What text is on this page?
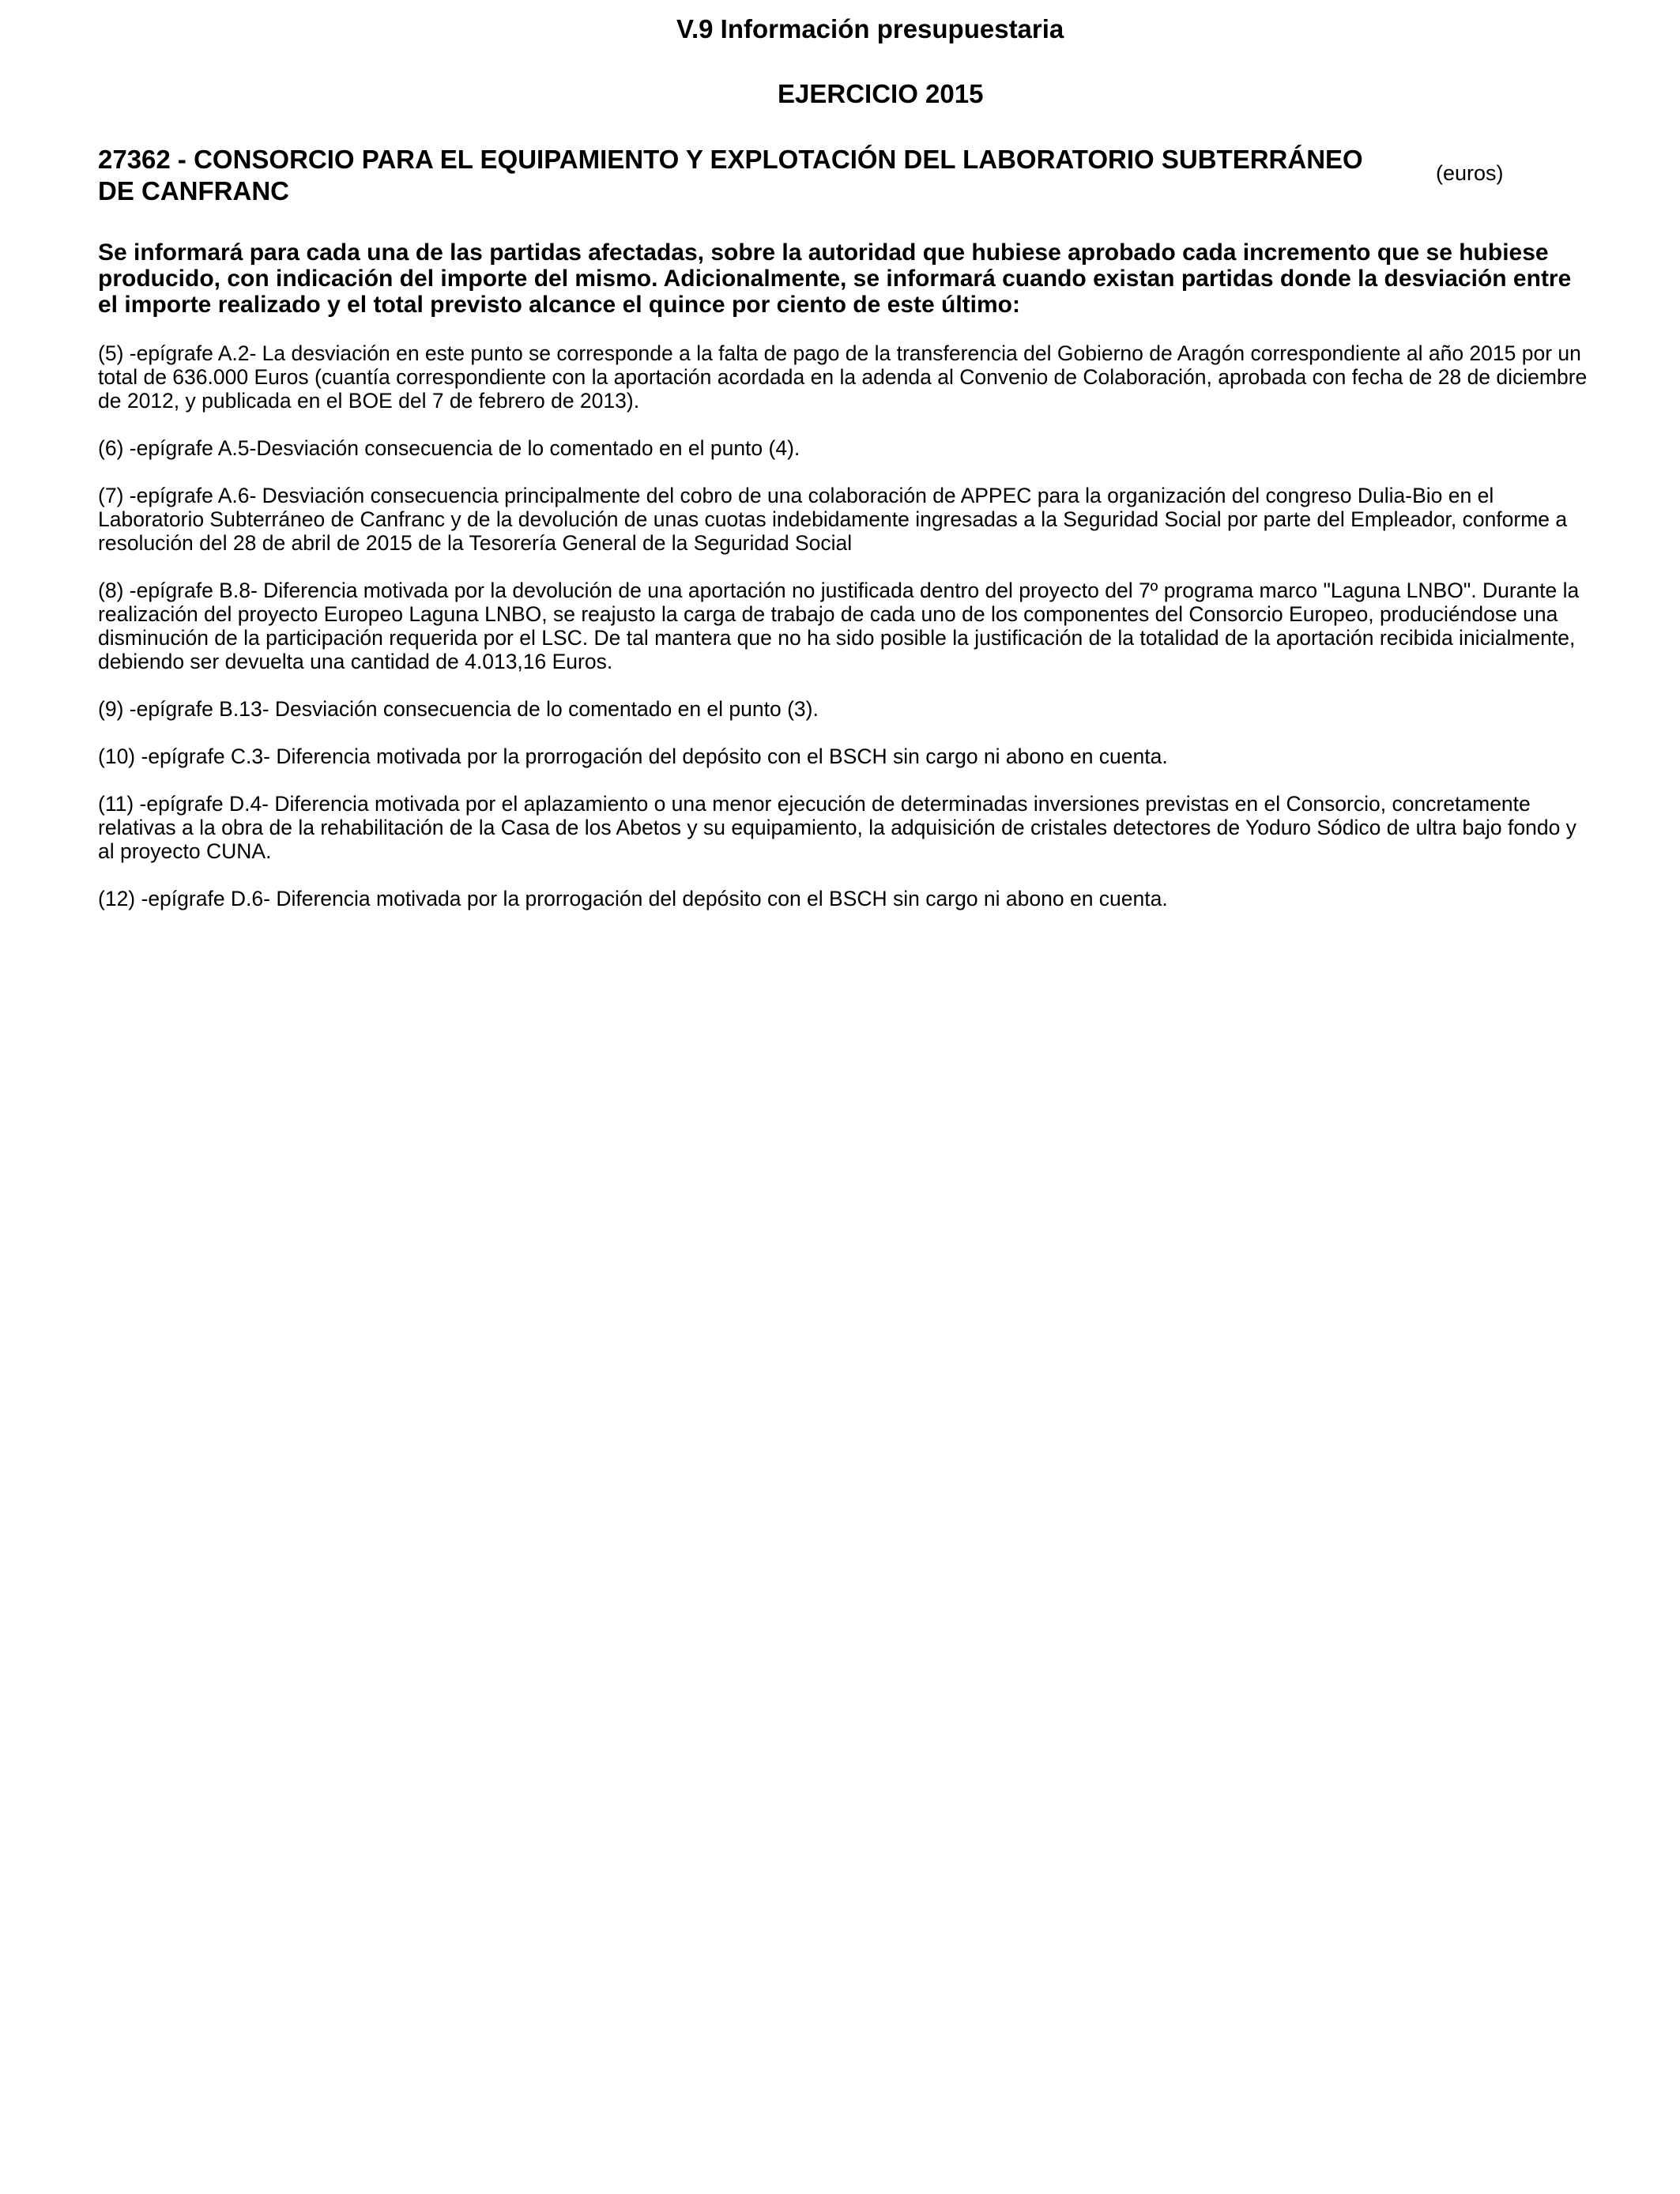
V.9 Información presupuestaria
EJERCICIO 2015
27362 - CONSORCIO PARA EL EQUIPAMIENTO Y EXPLOTACIÓN DEL LABORATORIO SUBTERRÁNEO DE CANFRANC
(euros)
Se informará para cada una de las partidas afectadas, sobre la autoridad que hubiese aprobado cada incremento que se hubiese producido, con indicación del importe del mismo. Adicionalmente, se informará cuando existan partidas donde la desviación entre el importe realizado y el total previsto alcance el quince por ciento de este último:

(5) -epígrafe A.2- La desviación en este punto se corresponde a la falta de pago de la transferencia del Gobierno de Aragón correspondiente al año 2015 por un total de 636.000 Euros (cuantía correspondiente con la aportación acordada en la adenda al Convenio de Colaboración, aprobada con fecha de 28 de diciembre de 2012, y publicada en el BOE del 7 de febrero de 2013).

(6) -epígrafe A.5-Desviación consecuencia de lo comentado en el punto (4).

(7) -epígrafe A.6- Desviación consecuencia principalmente del cobro de una colaboración de APPEC para la organización del congreso Dulia-Bio en el Laboratorio Subterráneo de Canfranc y de la devolución de unas cuotas indebidamente ingresadas a la Seguridad Social por parte del Empleador, conforme a resolución del 28 de abril de 2015 de la Tesorería General de la Seguridad Social

(8) -epígrafe B.8- Diferencia motivada por la devolución de una aportación no justificada dentro del proyecto del 7º programa marco "Laguna LNBO". Durante la realización del proyecto Europeo Laguna LNBO, se reajusto la carga de trabajo de cada uno de los componentes del Consorcio Europeo, produciéndose una disminución de la participación requerida por el LSC. De tal mantera que no ha sido posible la justificación de la totalidad de la aportación recibida inicialmente, debiendo ser devuelta una cantidad de 4.013,16 Euros.

(9) -epígrafe B.13- Desviación consecuencia de lo comentado en el punto (3).

(10) -epígrafe C.3- Diferencia motivada por la prorrogación del depósito con el BSCH sin cargo ni abono en cuenta.

(11) -epígrafe D.4- Diferencia motivada por el aplazamiento o una menor ejecución de determinadas inversiones previstas en el Consorcio, concretamente relativas a la obra de la rehabilitación de la Casa de los Abetos y su equipamiento, la adquisición de cristales detectores de Yoduro Sódico de ultra bajo fondo y al proyecto CUNA.

(12) -epígrafe D.6- Diferencia motivada por la prorrogación del depósito con el BSCH sin cargo ni abono en cuenta.
